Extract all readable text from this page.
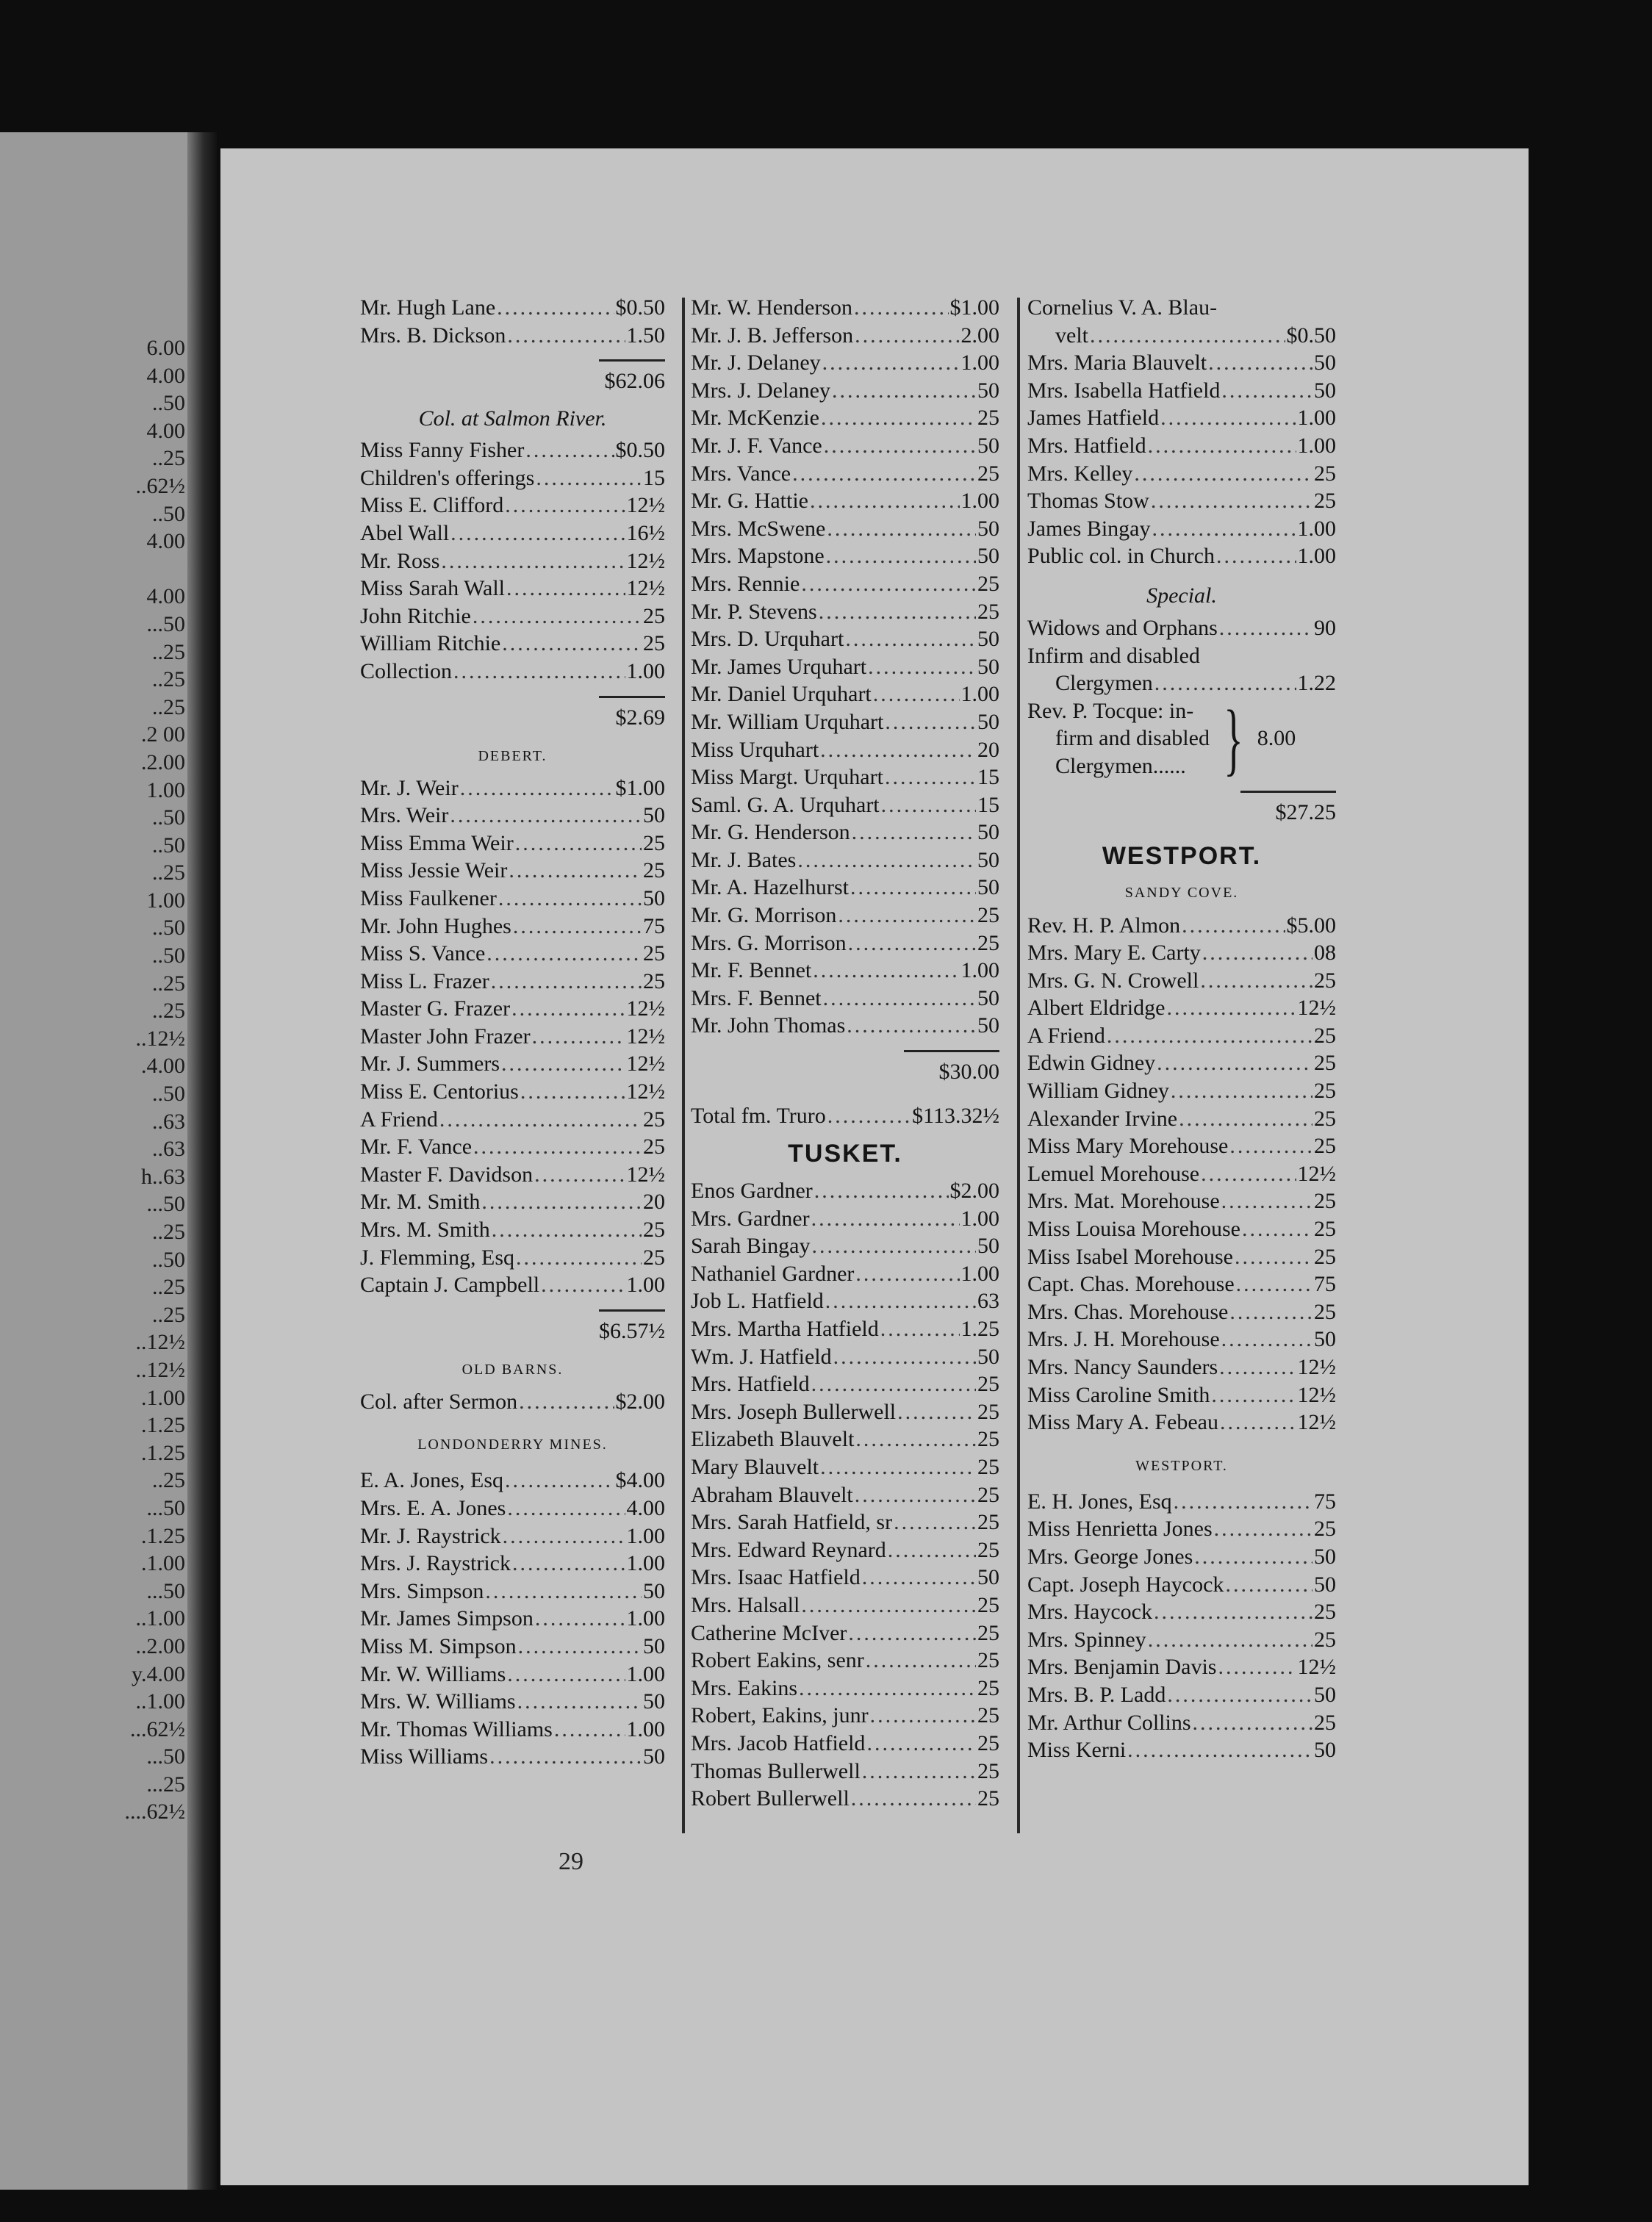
6.00
4.00
..50
4.00
..25
..62½
..50
4.00
4.00
...50
..25
..25
..25
.2 00
.2.00
1.00
..50
..50
..25
1.00
..50
..50
..25
..25
..12½
.4.00
..50
..63
..63
h..63
...50
..25
..50
..25
..25
..12½
..12½
.1.00
.1.25
.1.25
..25
...50
.1.25
.1.00
...50
..1.00
..2.00
y.4.00
..1.00
...62½
...50
...25
....62½
Mr. Hugh Lane .....	$0.50
Mrs. B. Dickson .....	1.50
$62.06
Col. at Salmon River.
Miss Fanny Fisher .....	$0.50
Children's offerings .....	15
Miss E. Clifford .....	12½
Abel Wall .....	16½
Mr. Ross .....	12½
Miss Sarah Wall .....	12½
John Ritchie .....	25
William Ritchie .....	25
Collection .....	1.00
$2.69
DEBERT.
Mr. J. Weir .....	$1.00
Mrs. Weir .....	50
Miss Emma Weir .....	25
Miss Jessie Weir .....	25
Miss Faulkener .....	50
Mr. John Hughes .....	75
Miss S. Vance .....	25
Miss L. Frazer .....	25
Master G. Frazer .....	12½
Master John Frazer .....	12½
Mr. J. Summers .....	12½
Miss E. Centorius .....	12½
A Friend .....	25
Mr. F. Vance .....	25
Master F. Davidson .....	12½
Mr. M. Smith .....	20
Mrs. M. Smith .....	25
J. Flemming, Esq .....	25
Captain J. Campbell .....	1.00
$6.57½
OLD BARNS.
Col. after Sermon .....	$2.00
LONDONDERRY MINES.
E. A. Jones, Esq .....	$4.00
Mrs. E. A. Jones .....	4.00
Mr. J. Raystrick .....	1.00
Mrs. J. Raystrick .....	1.00
Mrs. Simpson .....	50
Mr. James Simpson .....	1.00
Miss M. Simpson .....	50
Mr. W. Williams .....	1.00
Mrs. W. Williams .....	50
Mr. Thomas Williams .....	1.00
Miss Williams .....	50
Mr. W. Henderson .....	$1.00
Mr. J. B. Jefferson .....	2.00
Mr. J. Delaney .....	1.00
Mrs. J. Delaney .....	50
Mr. McKenzie .....	25
Mr. J. F. Vance .....	50
Mrs. Vance .....	25
Mr. G. Hattie .....	1.00
Mrs. McSwene .....	50
Mrs. Mapstone .....	50
Mrs. Rennie .....	25
Mr. P. Stevens .....	25
Mrs. D. Urquhart .....	50
Mr. James Urquhart .....	50
Mr. Daniel Urquhart .....	1.00
Mr. William Urquhart .....	50
Miss Urquhart .....	20
Miss Margt. Urquhart .....	15
Saml. G. A. Urquhart .....	15
Mr. G. Henderson .....	50
Mr. J. Bates .....	50
Mr. A. Hazelhurst .....	50
Mr. G. Morrison .....	25
Mrs. G. Morrison .....	25
Mr. F. Bennet .....	1.00
Mrs. F. Bennet .....	50
Mr. John Thomas .....	50
$30.00
Total fm. Truro .....	$113.32½
TUSKET.
Enos Gardner .....	$2.00
Mrs. Gardner .....	1.00
Sarah Bingay .....	50
Nathaniel Gardner .....	1.00
Job L. Hatfield .....	63
Mrs. Martha Hatfield .....	1.25
Wm. J. Hatfield .....	50
Mrs. Hatfield .....	25
Mrs. Joseph Bullerwell .....	25
Elizabeth Blauvelt .....	25
Mary Blauvelt .....	25
Abraham Blauvelt .....	25
Mrs. Sarah Hatfield, sr .....	25
Mrs. Edward Reynard .....	25
Mrs. Isaac Hatfield .....	50
Mrs. Halsall .....	25
Catherine McIver .....	25
Robert Eakins, senr .....	25
Mrs. Eakins .....	25
Robert, Eakins, junr .....	25
Mrs. Jacob Hatfield .....	25
Thomas Bullerwell .....	25
Robert Bullerwell .....	25
Cornelius V. A. Blau-
velt .....	$0.50
Mrs. Maria Blauvelt .....	50
Mrs. Isabella Hatfield .....	50
James Hatfield .....	1.00
Mrs. Hatfield .....	1.00
Mrs. Kelley .....	25
Thomas Stow .....	25
James Bingay .....	1.00
Public col. in Church .....	1.00
Special.
Widows and Orphans .....	90
Infirm and disabled
Clergymen .....	1.22
Rev. P. Tocque: in-
firm and disabled
Clergymen...... } 8.00
$27.25
WESTPORT.
SANDY COVE.
Rev. H. P. Almon .....	$5.00
Mrs. Mary E. Carty .....	08
Mrs. G. N. Crowell .....	25
Albert Eldridge .....	12½
A Friend .....	25
Edwin Gidney .....	25
William Gidney .....	25
Alexander Irvine .....	25
Miss Mary Morehouse .....	25
Lemuel Morehouse .....	12½
Mrs. Mat. Morehouse .....	25
Miss Louisa Morehouse .....	25
Miss Isabel Morehouse .....	25
Capt. Chas. Morehouse .....	75
Mrs. Chas. Morehouse .....	25
Mrs. J. H. Morehouse .....	50
Mrs. Nancy Saunders .....	12½
Miss Caroline Smith .....	12½
Miss Mary A. Febeau .....	12½
WESTPORT.
E. H. Jones, Esq .....	75
Miss Henrietta Jones .....	25
Mrs. George Jones .....	50
Capt. Joseph Haycock .....	50
Mrs. Haycock .....	25
Mrs. Spinney .....	25
Mrs. Benjamin Davis .....	12½
Mrs. B. P. Ladd .....	50
Mr. Arthur Collins .....	25
Miss Kerni .....	50
29
